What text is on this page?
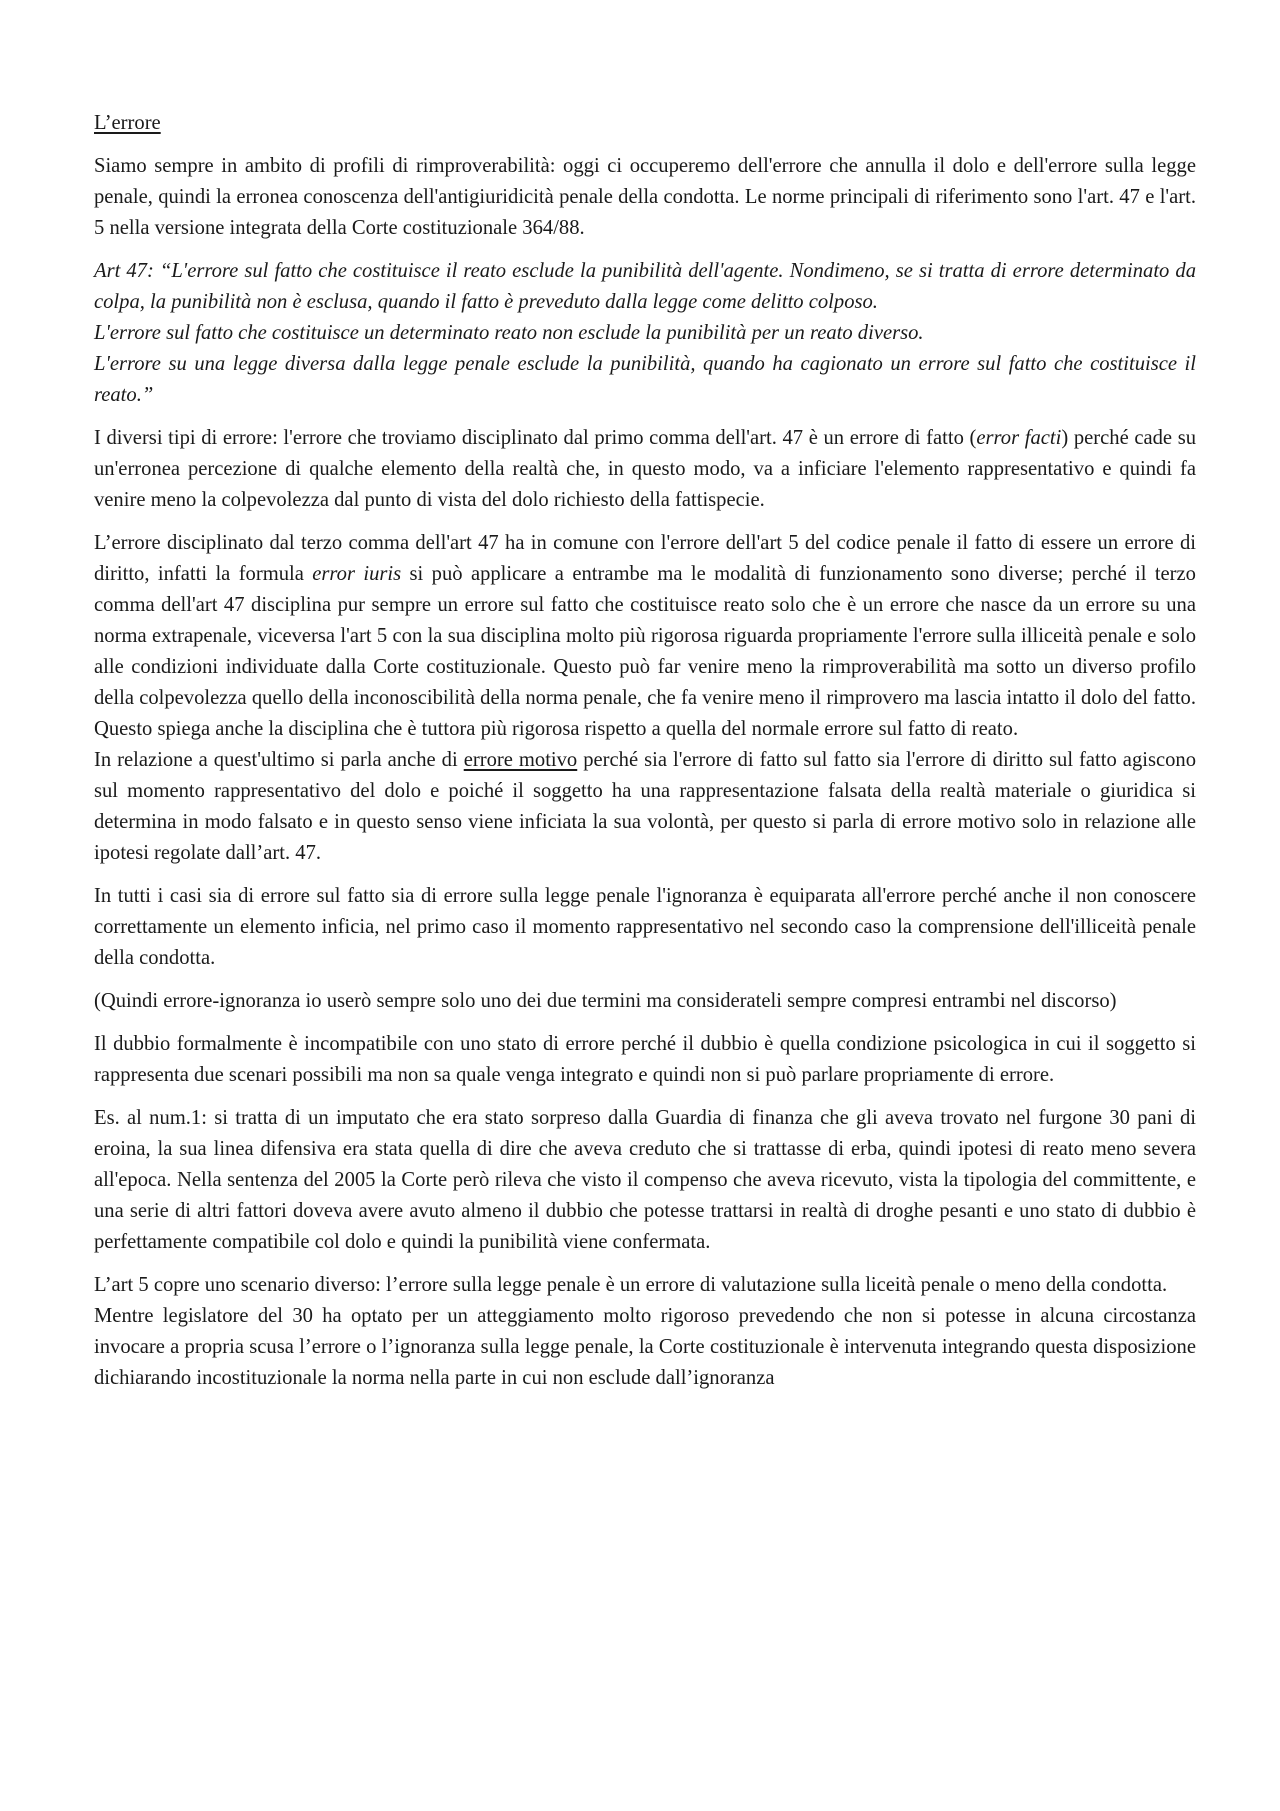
L’errore

Siamo sempre in ambito di profili di rimproverabilità: oggi ci occuperemo dell'errore che annulla il dolo e dell'errore sulla legge penale, quindi la erronea conoscenza dell'antigiuridicità penale della condotta. Le norme principali di riferimento sono l'art. 47 e l'art. 5 nella versione integrata della Corte costituzionale 364/88.

Art 47: “L'errore sul fatto che costituisce il reato esclude la punibilità dell'agente. Nondimeno, se si tratta di errore determinato da colpa, la punibilità non è esclusa, quando il fatto è preveduto dalla legge come delitto colposo.
L'errore sul fatto che costituisce un determinato reato non esclude la punibilità per un reato diverso.
L'errore su una legge diversa dalla legge penale esclude la punibilità, quando ha cagionato un errore sul fatto che costituisce il reato.”

I diversi tipi di errore: l'errore che troviamo disciplinato dal primo comma dell'art. 47 è un errore di fatto (error facti) perché cade su un'erronea percezione di qualche elemento della realtà che, in questo modo, va a inficiare l'elemento rappresentativo e quindi fa venire meno la colpevolezza dal punto di vista del dolo richiesto della fattispecie.

L’errore disciplinato dal terzo comma dell'art 47 ha in comune con l'errore dell'art 5 del codice penale il fatto di essere un errore di diritto, infatti la formula error iuris si può applicare a entrambe ma le modalità di funzionamento sono diverse; perché il terzo comma dell'art 47 disciplina pur sempre un errore sul fatto che costituisce reato solo che è un errore che nasce da un errore su una norma extrapenale, viceversa l'art 5 con la sua disciplina molto più rigorosa riguarda propriamente l'errore sulla illiceità penale e solo alle condizioni individuate dalla Corte costituzionale. Questo può far venire meno la rimproverabilità ma sotto un diverso profilo della colpevolezza quello della inconoscibilità della norma penale, che fa venire meno il rimprovero ma lascia intatto il dolo del fatto. Questo spiega anche la disciplina che è tuttora più rigorosa rispetto a quella del normale errore sul fatto di reato.

In relazione a quest'ultimo si parla anche di errore motivo perché sia l'errore di fatto sul fatto sia l'errore di diritto sul fatto agiscono sul momento rappresentativo del dolo e poiché il soggetto ha una rappresentazione falsata della realtà materiale o giuridica si determina in modo falsato e in questo senso viene inficiata la sua volontà, per questo si parla di errore motivo solo in relazione alle ipotesi regolate dall’art. 47.

In tutti i casi sia di errore sul fatto sia di errore sulla legge penale l'ignoranza è equiparata all'errore perché anche il non conoscere correttamente un elemento inficia, nel primo caso il momento rappresentativo nel secondo caso la comprensione dell'illiceità penale della condotta.

(Quindi errore-ignoranza io userò sempre solo uno dei due termini ma considerateli sempre compresi entrambi nel discorso)

Il dubbio formalmente è incompatibile con uno stato di errore perché il dubbio è quella condizione psicologica in cui il soggetto si rappresenta due scenari possibili ma non sa quale venga integrato e quindi non si può parlare propriamente di errore.

Es. al num.1: si tratta di un imputato che era stato sorpreso dalla Guardia di finanza che gli aveva trovato nel furgone 30 pani di eroina, la sua linea difensiva era stata quella di dire che aveva creduto che si trattasse di erba, quindi ipotesi di reato meno severa all'epoca. Nella sentenza del 2005 la Corte però rileva che visto il compenso che aveva ricevuto, vista la tipologia del committente, e una serie di altri fattori doveva avere avuto almeno il dubbio che potesse trattarsi in realtà di droghe pesanti e uno stato di dubbio è perfettamente compatibile col dolo e quindi la punibilità viene confermata.

L’art 5 copre uno scenario diverso: l’errore sulla legge penale è un errore di valutazione sulla liceità penale o meno della condotta.

Mentre legislatore del 30 ha optato per un atteggiamento molto rigoroso prevedendo che non si potesse in alcuna circostanza invocare a propria scusa l’errore o l’ignoranza sulla legge penale, la Corte costituzionale è intervenuta integrando questa disposizione dichiarando incostituzionale la norma nella parte in cui non esclude dall’ignoranza
